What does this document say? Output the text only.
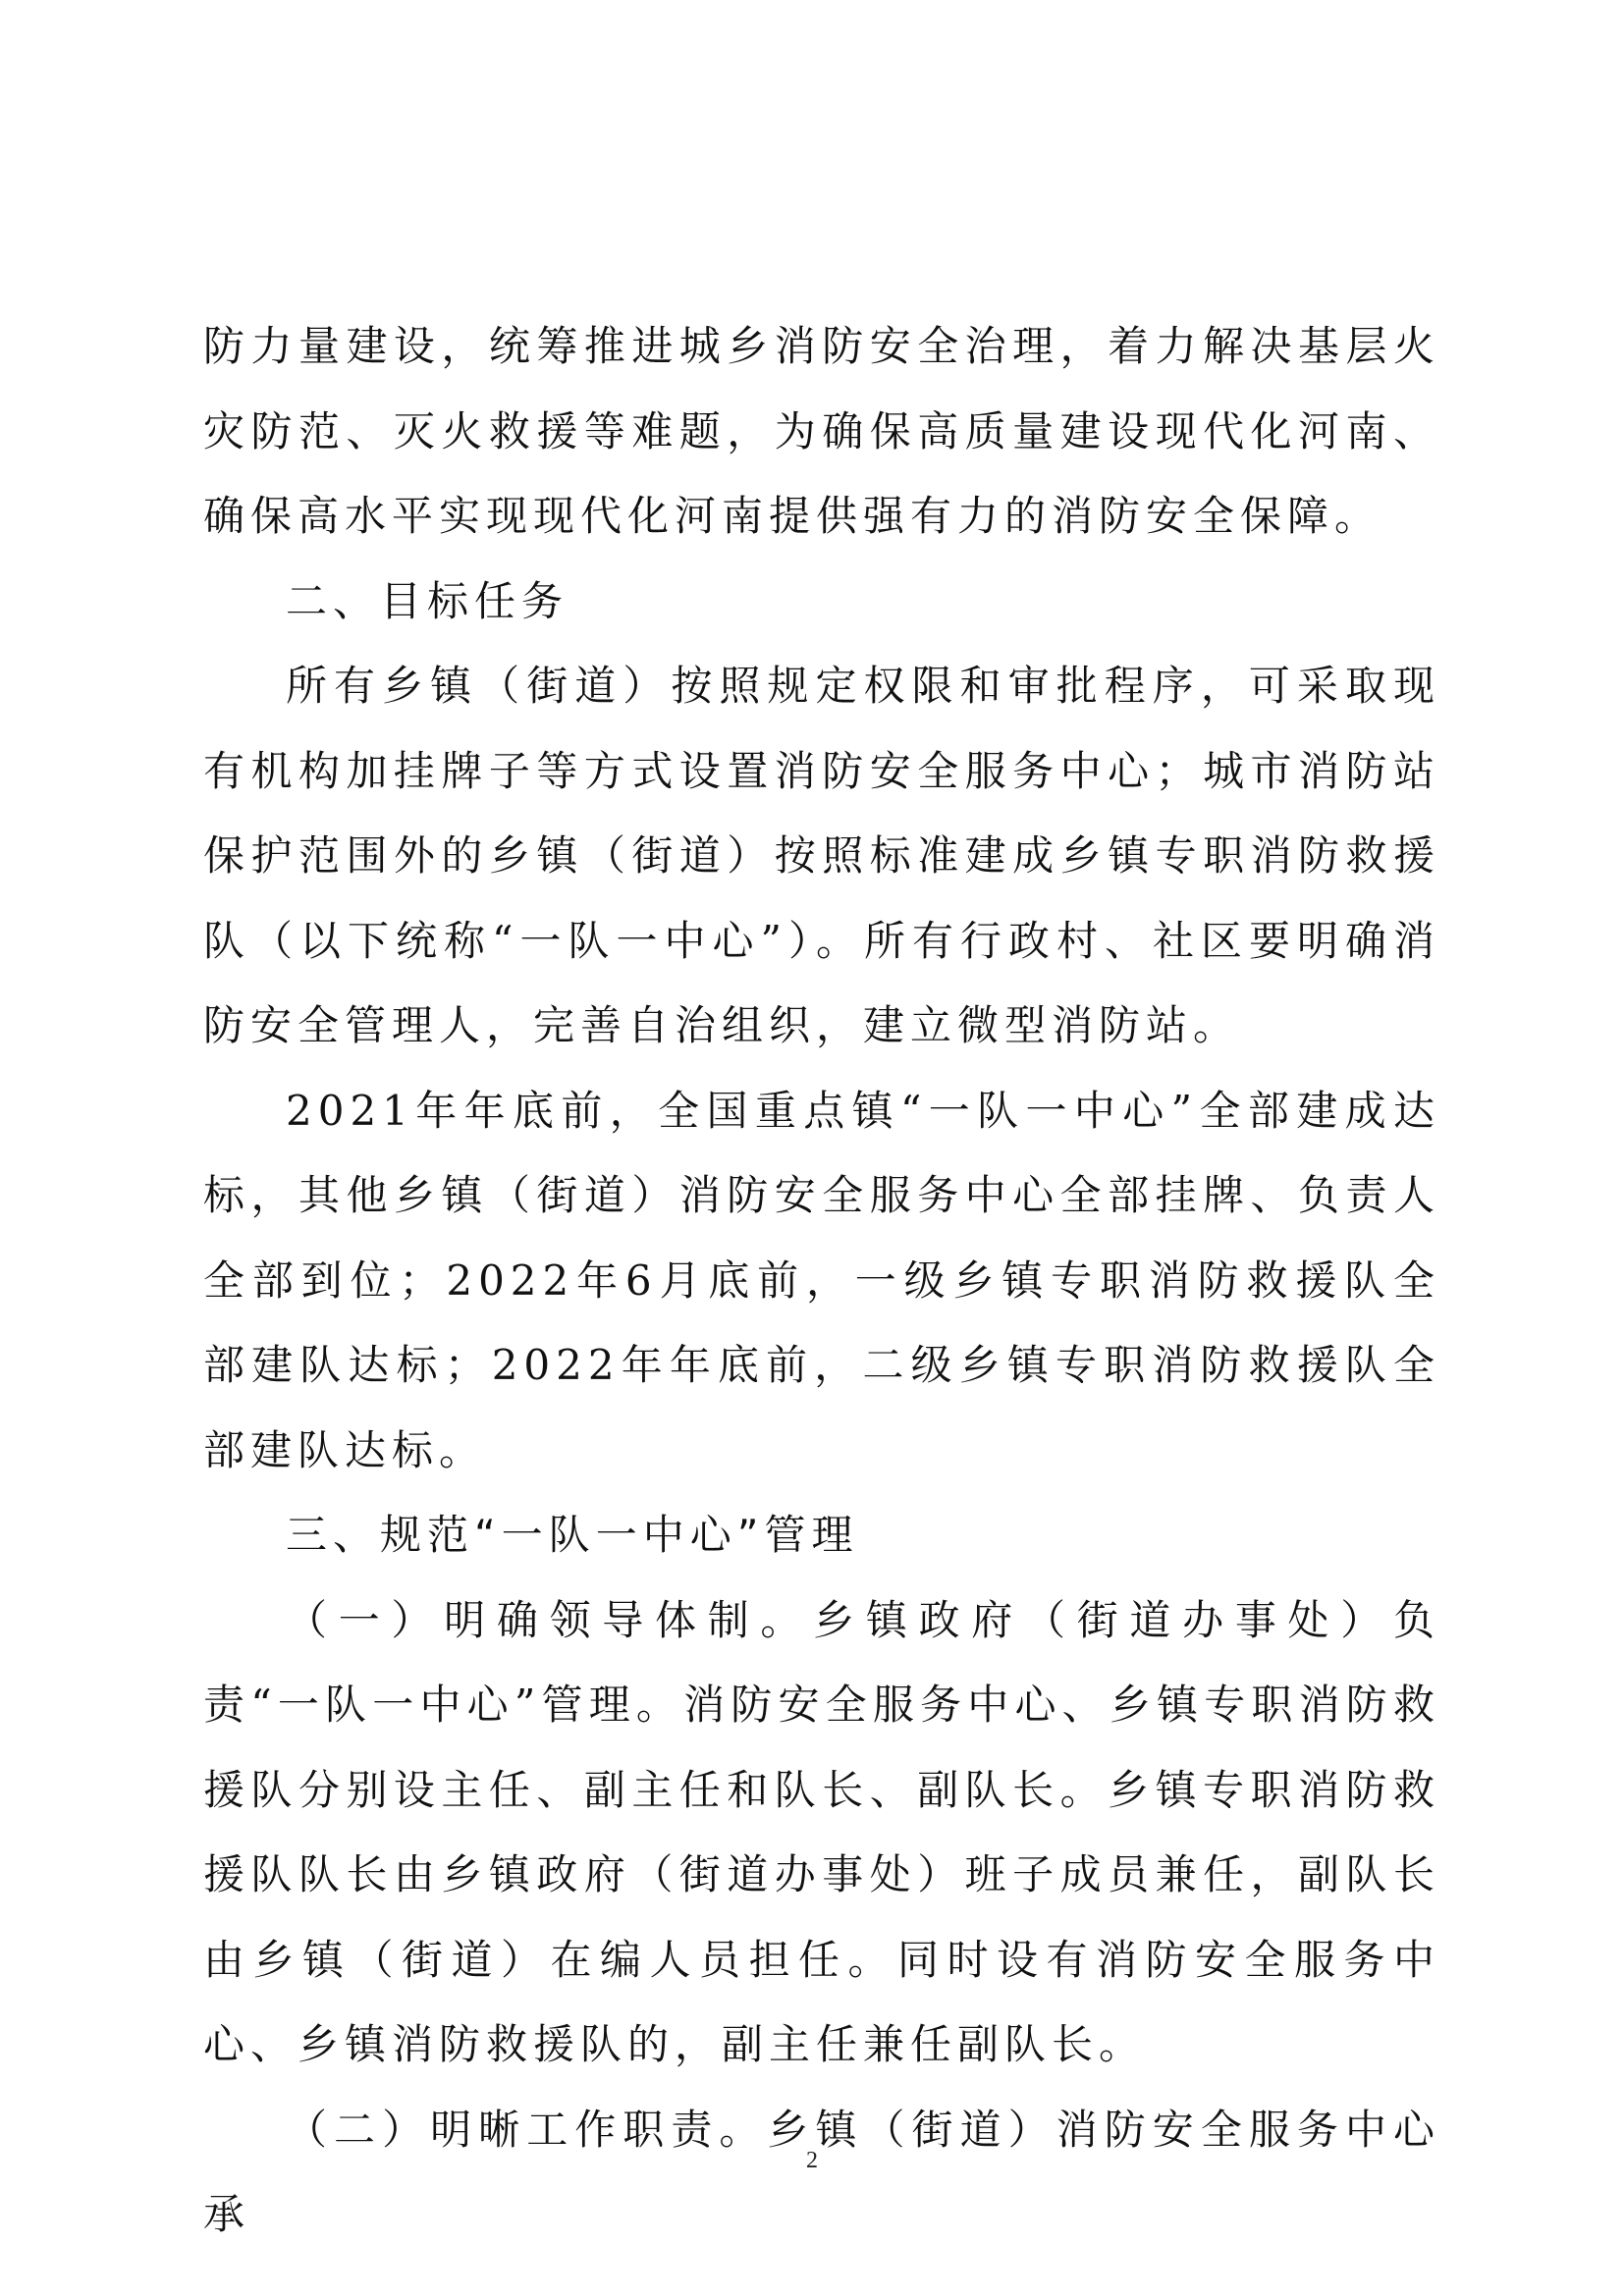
防力量建设，统筹推进城乡消防安全治理，着力解决基层火灾防范、灭火救援等难题，为确保高质量建设现代化河南、确保高水平实现现代化河南提供强有力的消防安全保障。

二、目标任务

所有乡镇（街道）按照规定权限和审批程序，可采取现有机构加挂牌子等方式设置消防安全服务中心；城市消防站保护范围外的乡镇（街道）按照标准建成乡镇专职消防救援队（以下统称“一队一中心”）。所有行政村、社区要明确消防安全管理人，完善自治组织，建立微型消防站。

2021年年底前，全国重点镇“一队一中心”全部建成达标，其他乡镇（街道）消防安全服务中心全部挂牌、负责人全部到位；2022年6月底前，一级乡镇专职消防救援队全部建队达标；2022年年底前，二级乡镇专职消防救援队全部建队达标。

三、规范“一队一中心”管理

（一）明确领导体制。乡镇政府（街道办事处）负责“一队一中心”管理。消防安全服务中心、乡镇专职消防救援队分别设主任、副主任和队长、副队长。乡镇专职消防救援队队长由乡镇政府（街道办事处）班子成员兼任，副队长由乡镇（街道）在编人员担任。同时设有消防安全服务中心、乡镇消防救援队的，副主任兼任副队长。

（二）明晰工作职责。乡镇（街道）消防安全服务中心承

2
